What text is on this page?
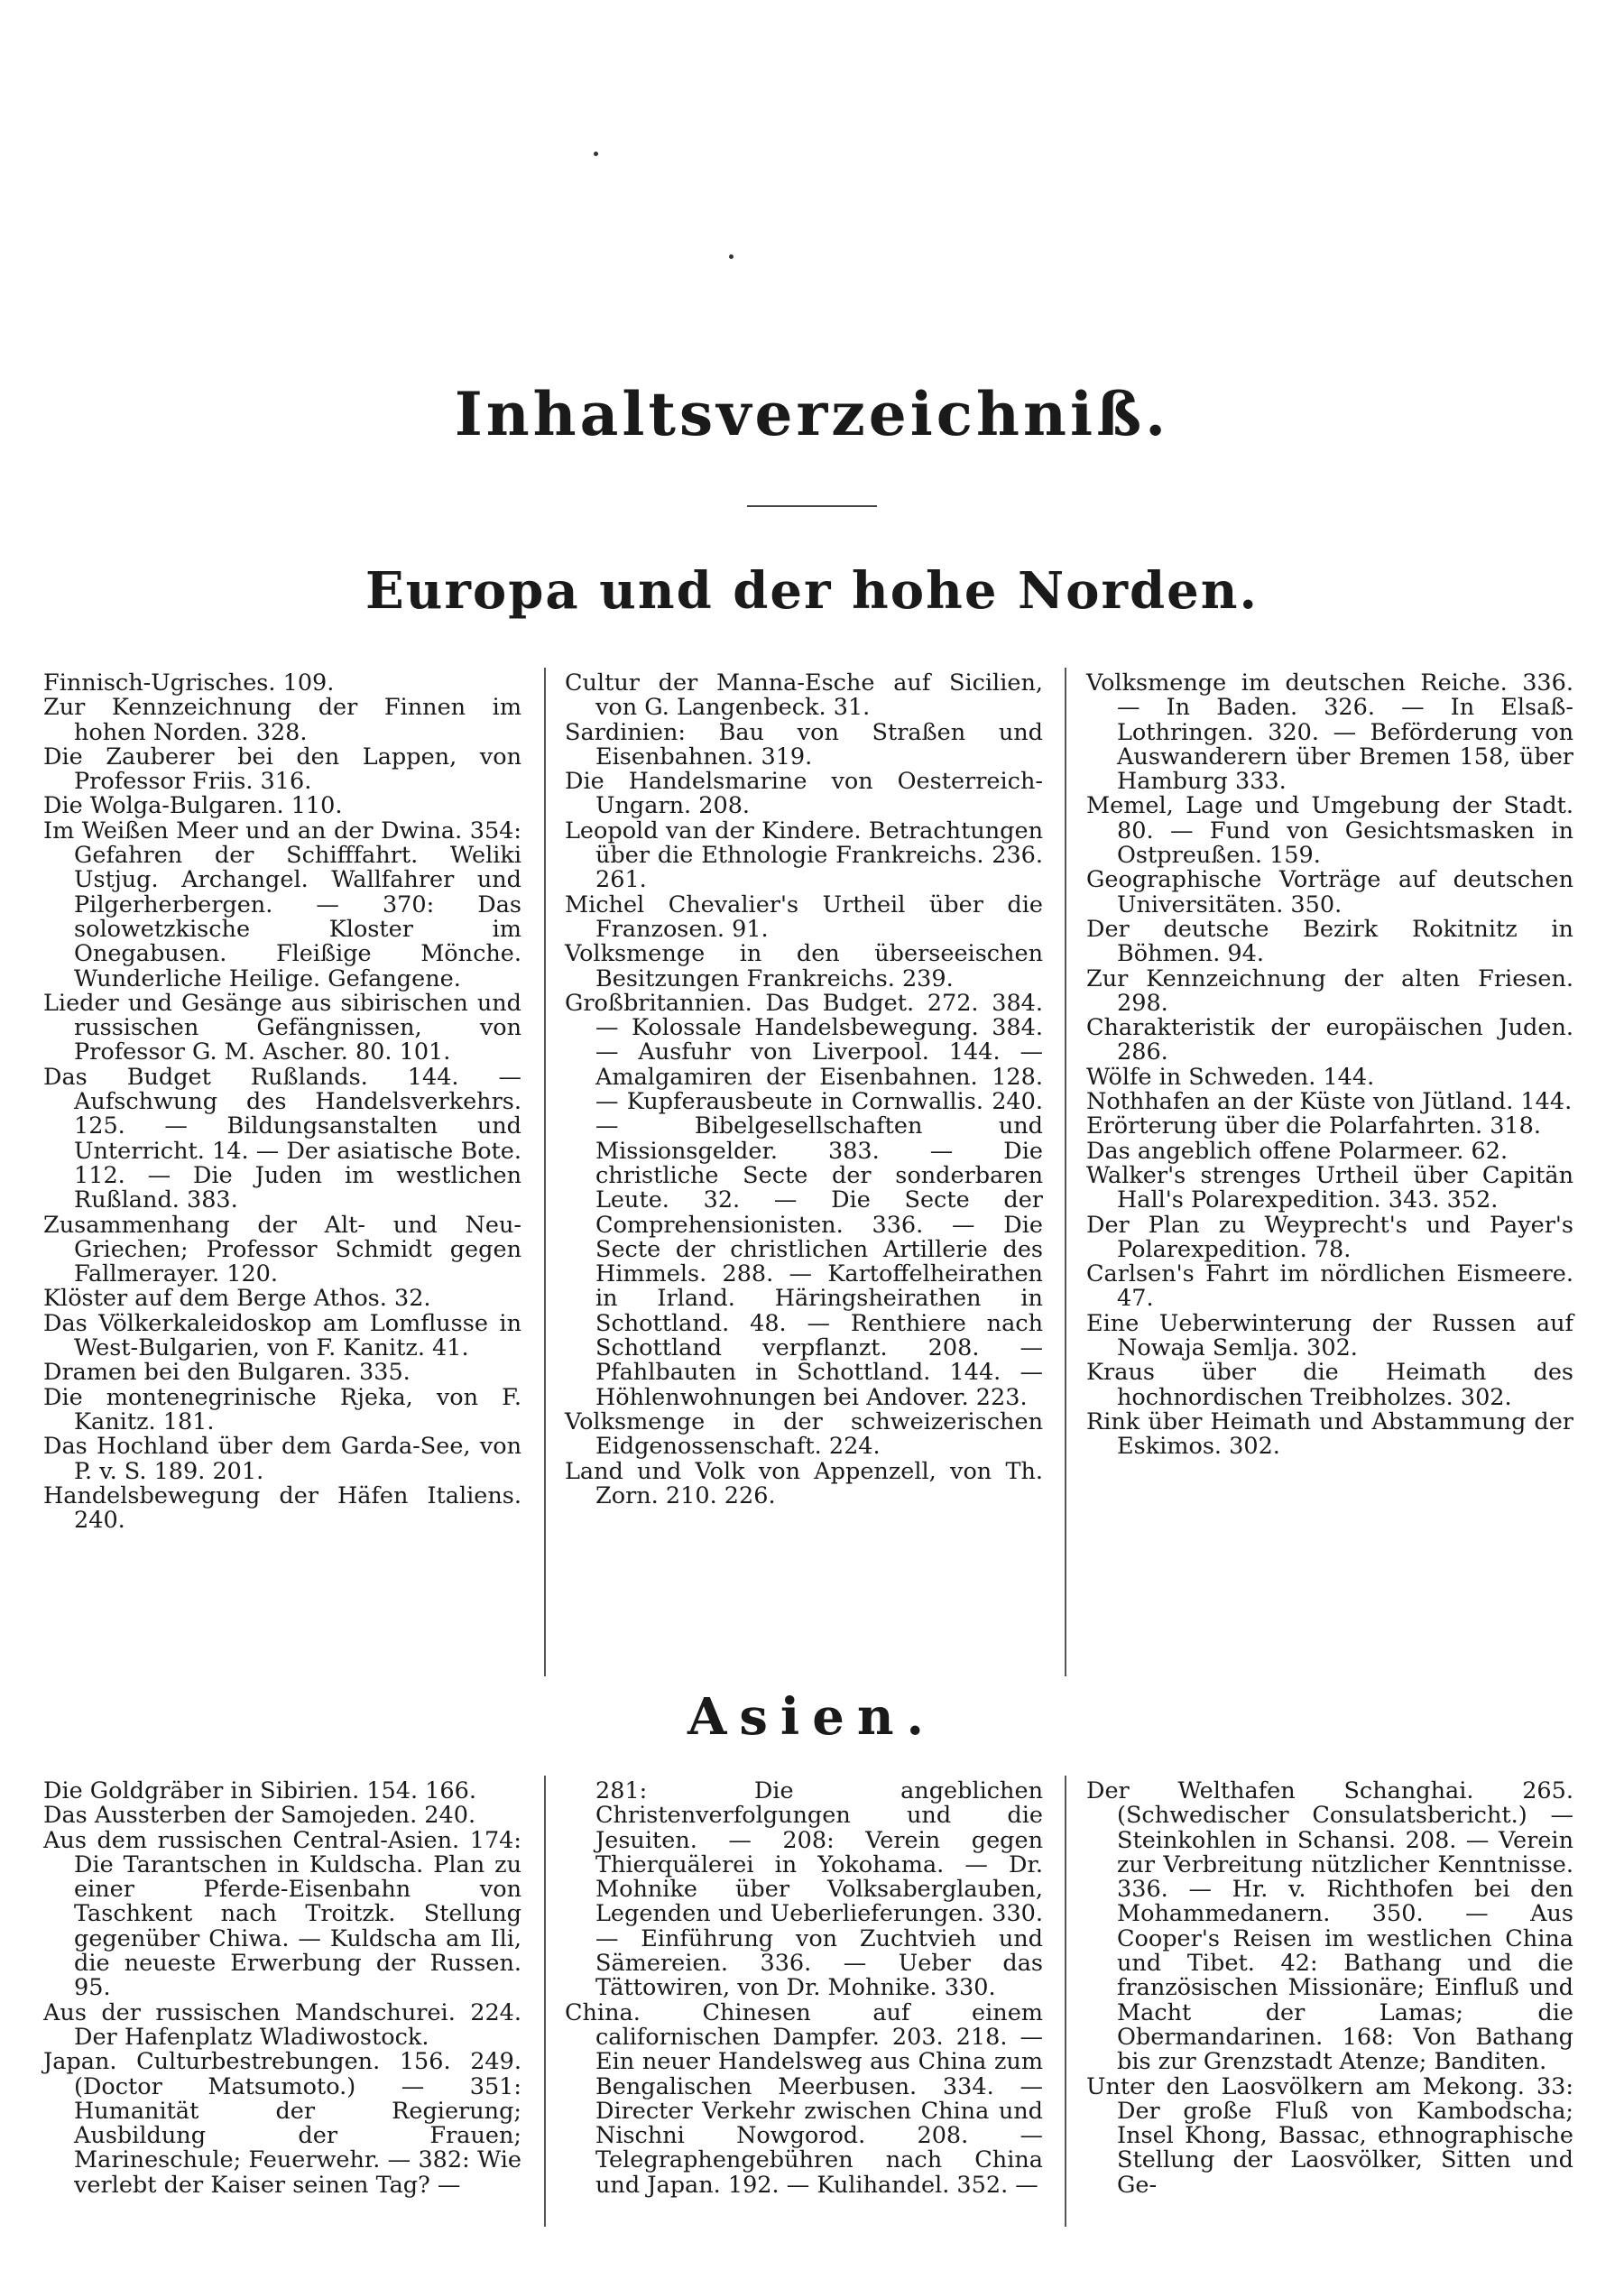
Inhaltsverzeichniß.
Europa und der hohe Norden.

Finnisch-Ugrisches. 109.

Zur Kennzeichnung der Finnen im hohen Norden. 328.

Die Zauberer bei den Lappen, von Professor Friis. 316.

Die Wolga-Bulgaren. 110.

Im Weißen Meer und an der Dwina. 354: Gefahren der Schifffahrt. Weliki Ustjug. Archangel. Wallfahrer und Pilgerherbergen. — 370: Das solowetzkische Kloster im Onegabusen. Fleißige Mönche. Wunderliche Heilige. Gefangene.

Lieder und Gesänge aus sibirischen und russischen Gefängnissen, von Professor G. M. Ascher. 80. 101.

Das Budget Rußlands. 144. — Aufschwung des Handelsverkehrs. 125. — Bildungsanstalten und Unterricht. 14. — Der asiatische Bote. 112. — Die Juden im westlichen Rußland. 383.

Zusammenhang der Alt- und Neu-Griechen; Professor Schmidt gegen Fallmerayer. 120.

Klöster auf dem Berge Athos. 32.

Das Völkerkaleidoskop am Lomflusse in West-Bulgarien, von F. Kanitz. 41.

Dramen bei den Bulgaren. 335.

Die montenegrinische Rjeka, von F. Kanitz. 181.

Das Hochland über dem Garda-See, von P. v. S. 189. 201.

Handelsbewegung der Häfen Italiens. 240.

Cultur der Manna-Esche auf Sicilien, von G. Langenbeck. 31.

Sardinien: Bau von Straßen und Eisenbahnen. 319.

Die Handelsmarine von Oesterreich-Ungarn. 208.

Leopold van der Kindere. Betrachtungen über die Ethnologie Frankreichs. 236. 261.

Michel Chevalier's Urtheil über die Franzosen. 91.

Volksmenge in den überseeischen Besitzungen Frankreichs. 239.

Großbritannien. Das Budget. 272. 384. — Kolossale Handelsbewegung. 384. — Ausfuhr von Liverpool. 144. — Amalgamiren der Eisenbahnen. 128. — Kupferausbeute in Cornwallis. 240. — Bibelgesellschaften und Missionsgelder. 383. — Die christliche Secte der sonderbaren Leute. 32. — Die Secte der Comprehensionisten. 336. — Die Secte der christlichen Artillerie des Himmels. 288. — Kartoffelheirathen in Irland. Häringsheirathen in Schottland. 48. — Renthiere nach Schottland verpflanzt. 208. — Pfahlbauten in Schottland. 144. — Höhlenwohnungen bei Andover. 223.

Volksmenge in der schweizerischen Eidgenossenschaft. 224.

Land und Volk von Appenzell, von Th. Zorn. 210. 226.

Volksmenge im deutschen Reiche. 336. — In Baden. 326. — In Elsaß-Lothringen. 320. — Beförderung von Auswanderern über Bremen 158, über Hamburg 333.

Memel, Lage und Umgebung der Stadt. 80. — Fund von Gesichtsmasken in Ostpreußen. 159.

Geographische Vorträge auf deutschen Universitäten. 350.

Der deutsche Bezirk Rokitnitz in Böhmen. 94.

Zur Kennzeichnung der alten Friesen. 298.

Charakteristik der europäischen Juden. 286.

Wölfe in Schweden. 144.

Nothhafen an der Küste von Jütland. 144.

Erörterung über die Polarfahrten. 318.

Das angeblich offene Polarmeer. 62.

Walker's strenges Urtheil über Capitän Hall's Polarexpedition. 343. 352.

Der Plan zu Weyprecht's und Payer's Polarexpedition. 78.

Carlsen's Fahrt im nördlichen Eismeere. 47.

Eine Ueberwinterung der Russen auf Nowaja Semlja. 302.

Kraus über die Heimath des hochnordischen Treibholzes. 302.

Rink über Heimath und Abstammung der Eskimos. 302.

Asien.

Die Goldgräber in Sibirien. 154. 166.

Das Aussterben der Samojeden. 240.

Aus dem russischen Central-Asien. 174: Die Tarantschen in Kuldscha. Plan zu einer Pferde-Eisenbahn von Taschkent nach Troitzk. Stellung gegenüber Chiwa. — Kuldscha am Ili, die neueste Erwerbung der Russen. 95.

Aus der russischen Mandschurei. 224. Der Hafenplatz Wladiwostock.

Japan. Culturbestrebungen. 156. 249. (Doctor Matsumoto.) — 351: Humanität der Regierung; Ausbildung der Frauen; Marineschule; Feuerwehr. — 382: Wie verlebt der Kaiser seinen Tag? —

281: Die angeblichen Christenverfolgungen und die Jesuiten. — 208: Verein gegen Thierquälerei in Yokohama. — Dr. Mohnike über Volksaberglauben, Legenden und Ueberlieferungen. 330. — Einführung von Zuchtvieh und Sämereien. 336. — Ueber das Tättowiren, von Dr. Mohnike. 330.

China. Chinesen auf einem californischen Dampfer. 203. 218. — Ein neuer Handelsweg aus China zum Bengalischen Meerbusen. 334. — Directer Verkehr zwischen China und Nischni Nowgorod. 208. — Telegraphengebühren nach China und Japan. 192. — Kulihandel. 352. —

Der Welthafen Schanghai. 265. (Schwedischer Consulatsbericht.) — Steinkohlen in Schansi. 208. — Verein zur Verbreitung nützlicher Kenntnisse. 336. — Hr. v. Richthofen bei den Mohammedanern. 350. — Aus Cooper's Reisen im westlichen China und Tibet. 42: Bathang und die französischen Missionäre; Einfluß und Macht der Lamas; die Obermandarinen. 168: Von Bathang bis zur Grenzstadt Atenze; Banditen.

Unter den Laosvölkern am Mekong. 33: Der große Fluß von Kambodscha; Insel Khong, Bassac, ethnographische Stellung der Laosvölker, Sitten und Ge-
